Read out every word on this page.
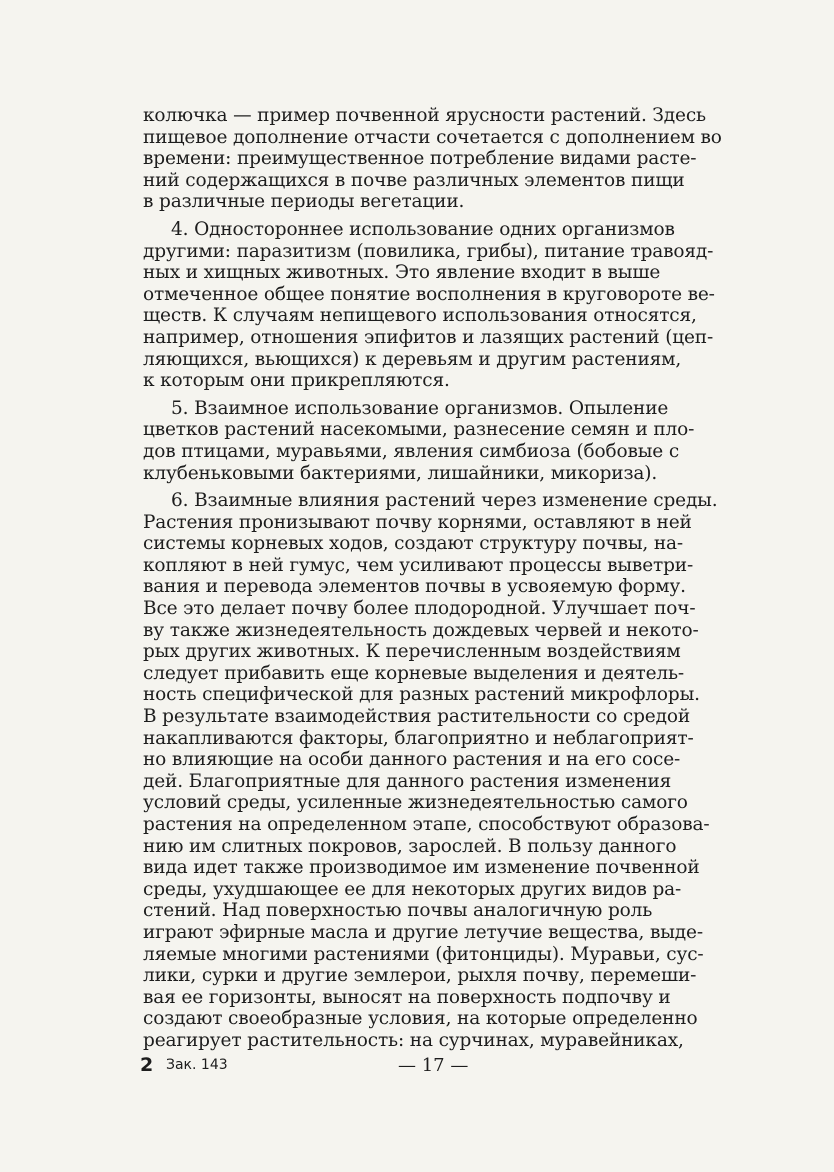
колючка — пример почвенной ярусности растений. Здесь
пищевое дополнение отчасти сочетается с дополнением во
времени: преимущественное потребление видами расте-
ний содержащихся в почве различных элементов пищи
в различные периоды вегетации.
4. Одностороннее использование одних организмов
другими: паразитизм (повилика, грибы), питание травояд-
ных и хищных животных. Это явление входит в выше
отмеченное общее понятие восполнения в круговороте ве-
ществ. К случаям непищевого использования относятся,
например, отношения эпифитов и лазящих растений (цеп-
ляющихся, вьющихся) к деревьям и другим растениям,
к которым они прикрепляются.
5. Взаимное использование организмов. Опыление
цветков растений насекомыми, разнесение семян и пло-
дов птицами, муравьями, явления симбиоза (бобовые с
клубеньковыми бактериями, лишайники, микориза).
6. Взаимные влияния растений через изменение среды.
Растения пронизывают почву корнями, оставляют в ней
системы корневых ходов, создают структуру почвы, на-
копляют в ней гумус, чем усиливают процессы выветри-
вания и перевода элементов почвы в усвояемую форму.
Все это делает почву более плодородной. Улучшает поч-
ву также жизнедеятельность дождевых червей и некото-
рых других животных. К перечисленным воздействиям
следует прибавить еще корневые выделения и деятель-
ность специфической для разных растений микрофлоры.
В результате взаимодействия растительности со средой
накапливаются факторы, благоприятно и неблагоприят-
но влияющие на особи данного растения и на его сосе-
дей. Благоприятные для данного растения изменения
условий среды, усиленные жизнедеятельностью самого
растения на определенном этапе, способствуют образова-
нию им слитных покровов, зарослей. В пользу данного
вида идет также производимое им изменение почвенной
среды, ухудшающее ее для некоторых других видов ра-
стений. Над поверхностью почвы аналогичную роль
играют эфирные масла и другие летучие вещества, выде-
ляемые многими растениями (фитонциды). Муравьи, сус-
лики, сурки и другие землерои, рыхля почву, перемеши-
вая ее горизонты, выносят на поверхность подпочву и
создают своеобразные условия, на которые определенно
реагирует растительность: на сурчинах, муравейниках,
2 Зак. 143	— 17 —
